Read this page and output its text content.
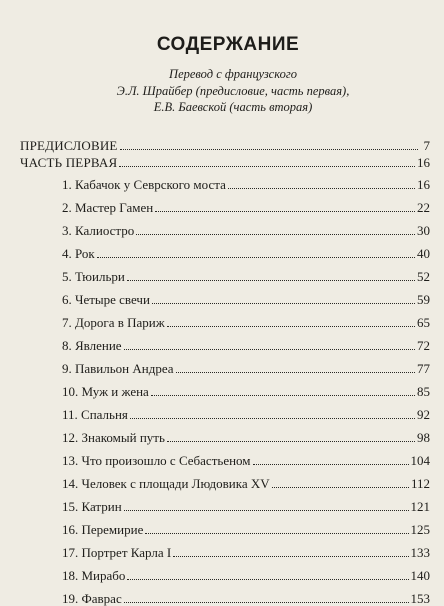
СОДЕРЖАНИЕ
Перевод с французского
Э.Л. Шрайбер (предисловие, часть первая),
Е.В. Баевской (часть вторая)
ПРЕДИСЛОВИЕ	7
ЧАСТЬ ПЕРВАЯ	16
1. Кабачок у Севрского моста	16
2. Мастер Гамен	22
3. Калиостро	30
4. Рок	40
5. Тюильри	52
6. Четыре свечи	59
7. Дорога в Париж	65
8. Явление	72
9. Павильон Андреа	77
10. Муж и жена	85
11. Спальня	92
12. Знакомый путь	98
13. Что произошло с Себастьеном	104
14. Человек с площади Людовика XV	112
15. Катрин	121
16. Перемирие	125
17. Портрет Карла I	133
18. Мирабо	140
19. Фаврас	153
